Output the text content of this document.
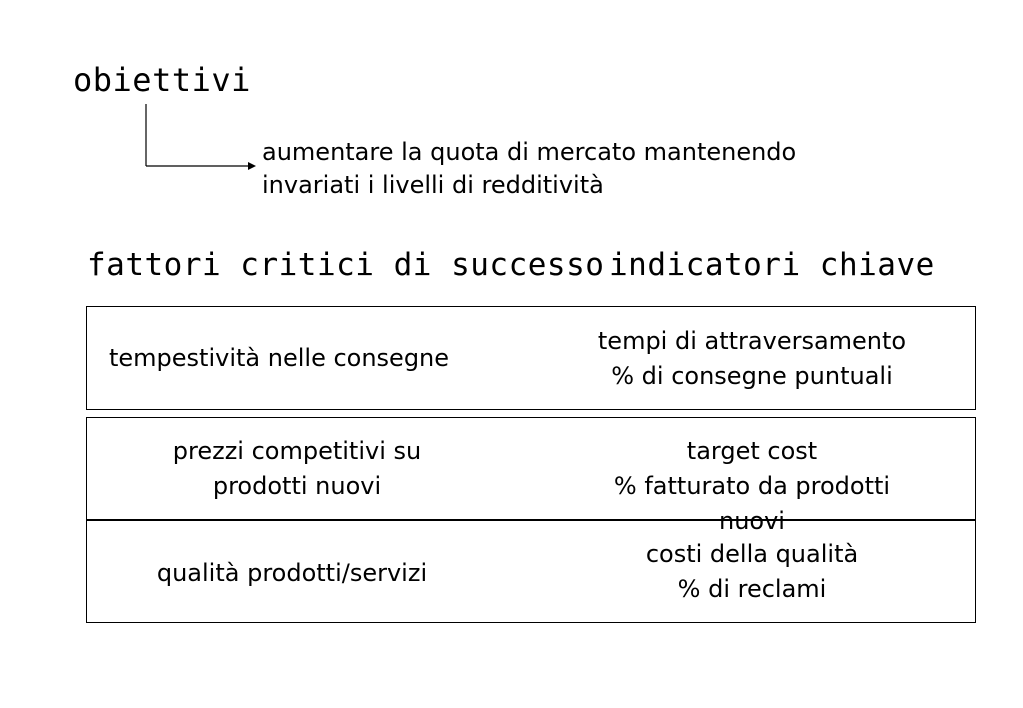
obiettivi
aumentare la quota di mercato mantenendo
invariati i livelli di redditività
fattori critici di successo indicatori chiave
tempestività nelle consegne
tempi di attraversamento
% di consegne puntuali
prezzi competitivi su
prodotti nuovi
target cost
% fatturato da prodotti
nuovi
qualità prodotti/servizi
costi della qualità
% di reclami
